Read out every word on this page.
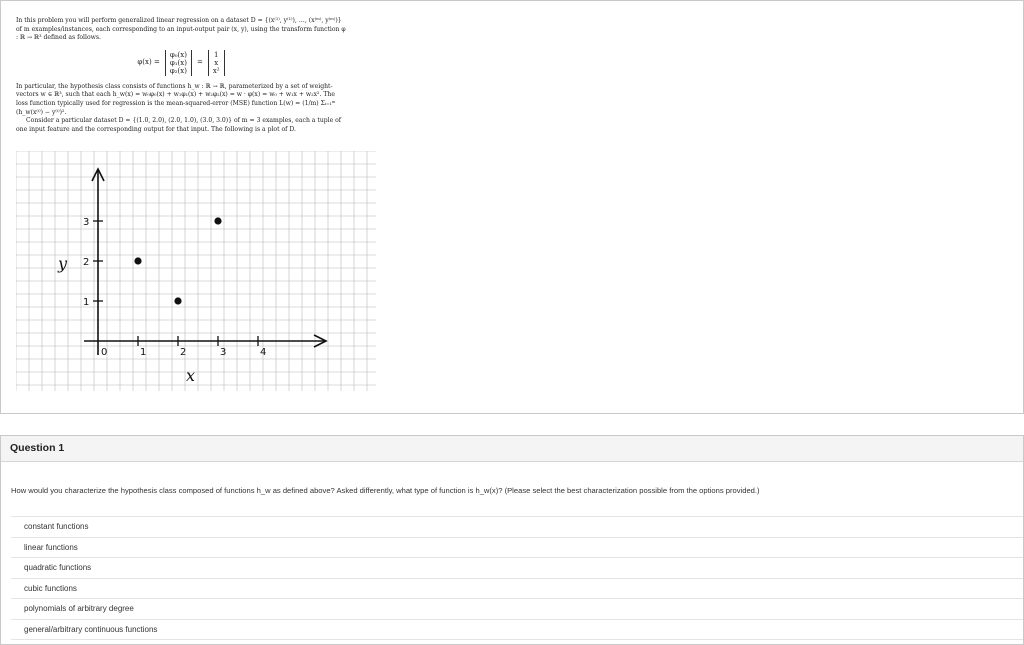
In this problem you will perform generalized linear regression on a dataset D = {(x⁽¹⁾, y⁽¹⁾), …, (x⁽ᵐ⁾, y⁽ᵐ⁾)} of m examples/instances, each corresponding to an input-output pair (x, y), using the transform function φ : ℝ → ℝ³ defined as follows.

φ(x) =
φ₀(x)
φ₁(x)
φ₂(x)
=
1
x
x²

In particular, the hypothesis class consists of functions h_w : ℝ → ℝ, parameterized by a set of weight-vectors w ∈ ℝ³, such that each h_w(x) = w₀φ₀(x) + w₁φ₁(x) + w₂φ₂(x) = w · φ(x) = w₀ + w₁x + w₂x². The loss function typically used for regression is the mean-squared-error (MSE) function L(w) = (1/m) Σᵢ₌₁ᵐ (h_w(x⁽ⁱ⁾) − y⁽ⁱ⁾)².

Consider a particular dataset D = {(1.0, 2.0), (2.0, 1.0), (3.0, 3.0)} of m = 3 examples, each a tuple of one input feature and the corresponding output for that input. The following is a plot of D.

0	1	2	3	4
1
2
3
x
y
Question 1
How would you characterize the hypothesis class composed of functions h_w as defined above? Asked differently, what type of function is h_w(x)? (Please select the best characterization possible from the options provided.)
constant functions
linear functions
quadratic functions
cubic functions
polynomials of arbitrary degree
general/arbitrary continuous functions
